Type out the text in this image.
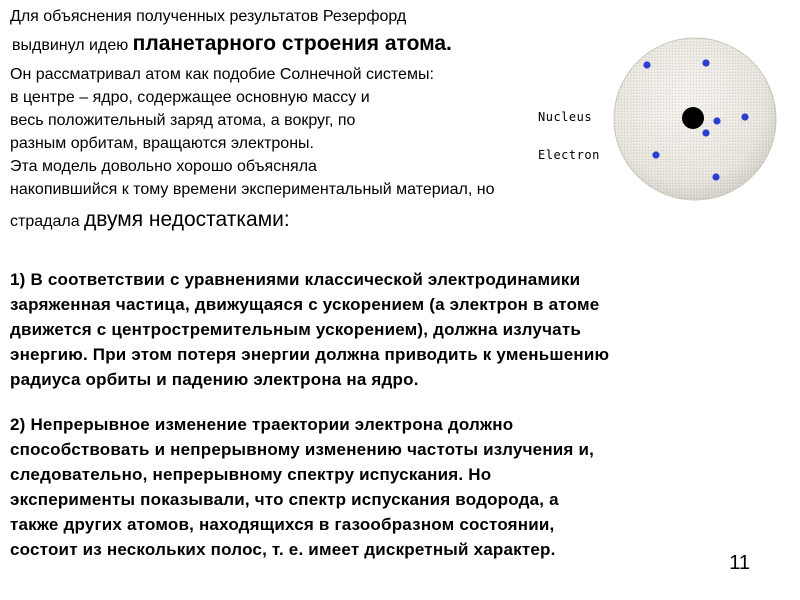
Для объяснения полученных результатов Резерфорд
выдвинул идею планетарного строения атома.
Он рассматривал атом как подобие Солнечной системы:
в центре – ядро, содержащее основную массу и
весь положительный заряд атома, а вокруг, по
разным орбитам, вращаются электроны.
Эта модель довольно хорошо объясняла
накопившийся к тому времени экспериментальный материал, но
страдала двумя недостатками:
1) В соответствии с уравнениями классической электродинамики
заряженная частица, движущаяся с ускорением (а электрон в атоме
движется с центростремительным ускорением), должна излучать
энергию. При этом потеря энергии должна приводить к уменьшению
радиуса орбиты и падению электрона на ядро.
2) Непрерывное изменение траектории электрона должно
способствовать и непрерывному изменению частоты излучения и,
следовательно, непрерывному спектру испускания. Но
эксперименты показывали, что спектр испускания водорода, а
также других атомов, находящихся в газообразном состоянии,
состоит из нескольких полос, т. е. имеет дискретный характер.
Nucleus
Electron
11
